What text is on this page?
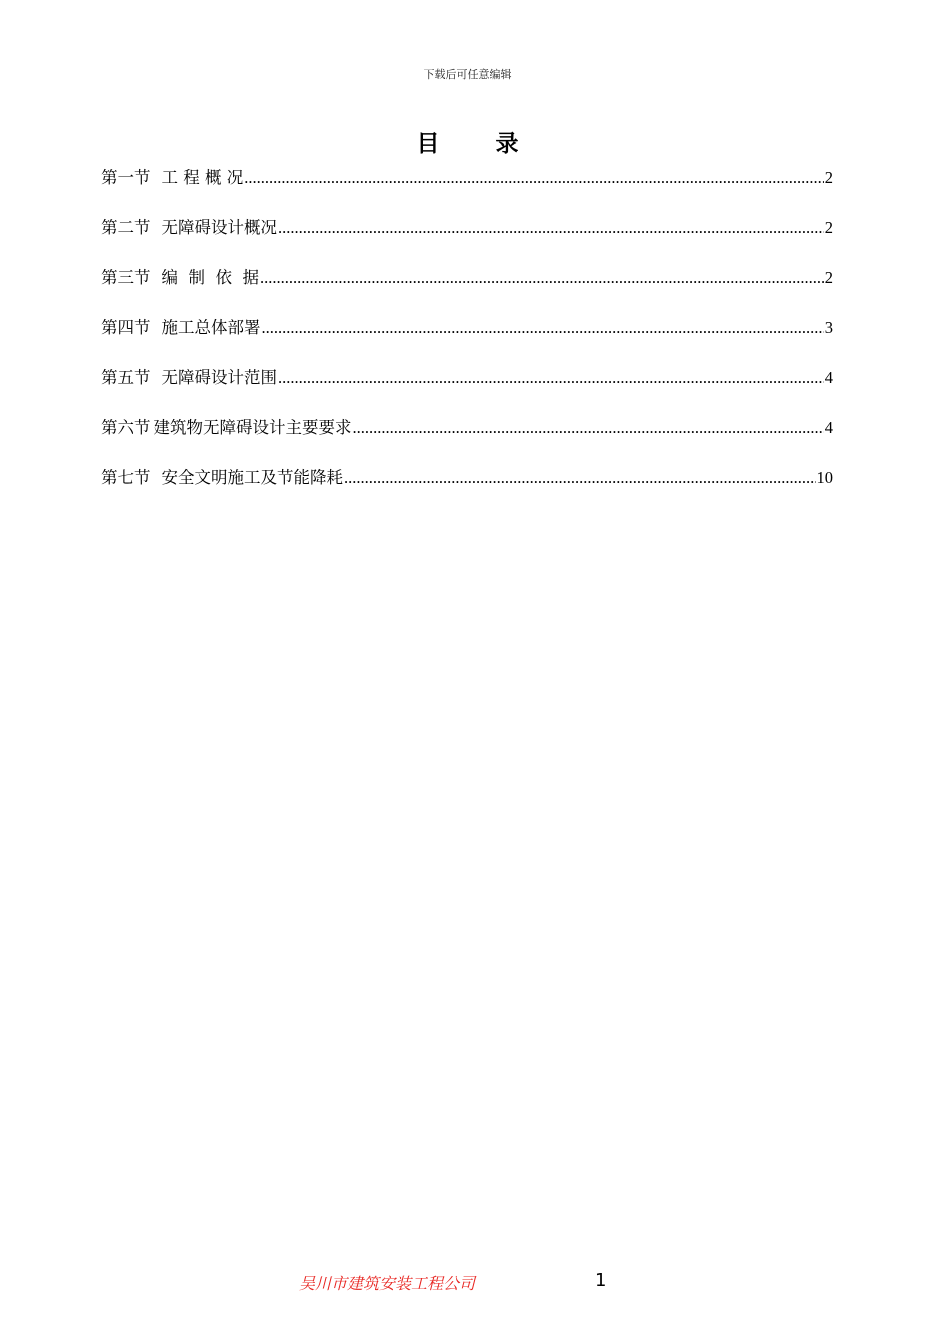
下载后可任意编辑
目 录
第一节 工 程 概 况 .....	2
第二节 无障碍设计概况 .....	2
第三节 编  制  依  据 .....	2
第四节 施工总体部署 .....	3
第五节 无障碍设计范围 .....	4
第六节 建筑物无障碍设计主要要求 .....	4
第七节 安全文明施工及节能降耗 .....	10
吴川市建筑安装工程公司	1
